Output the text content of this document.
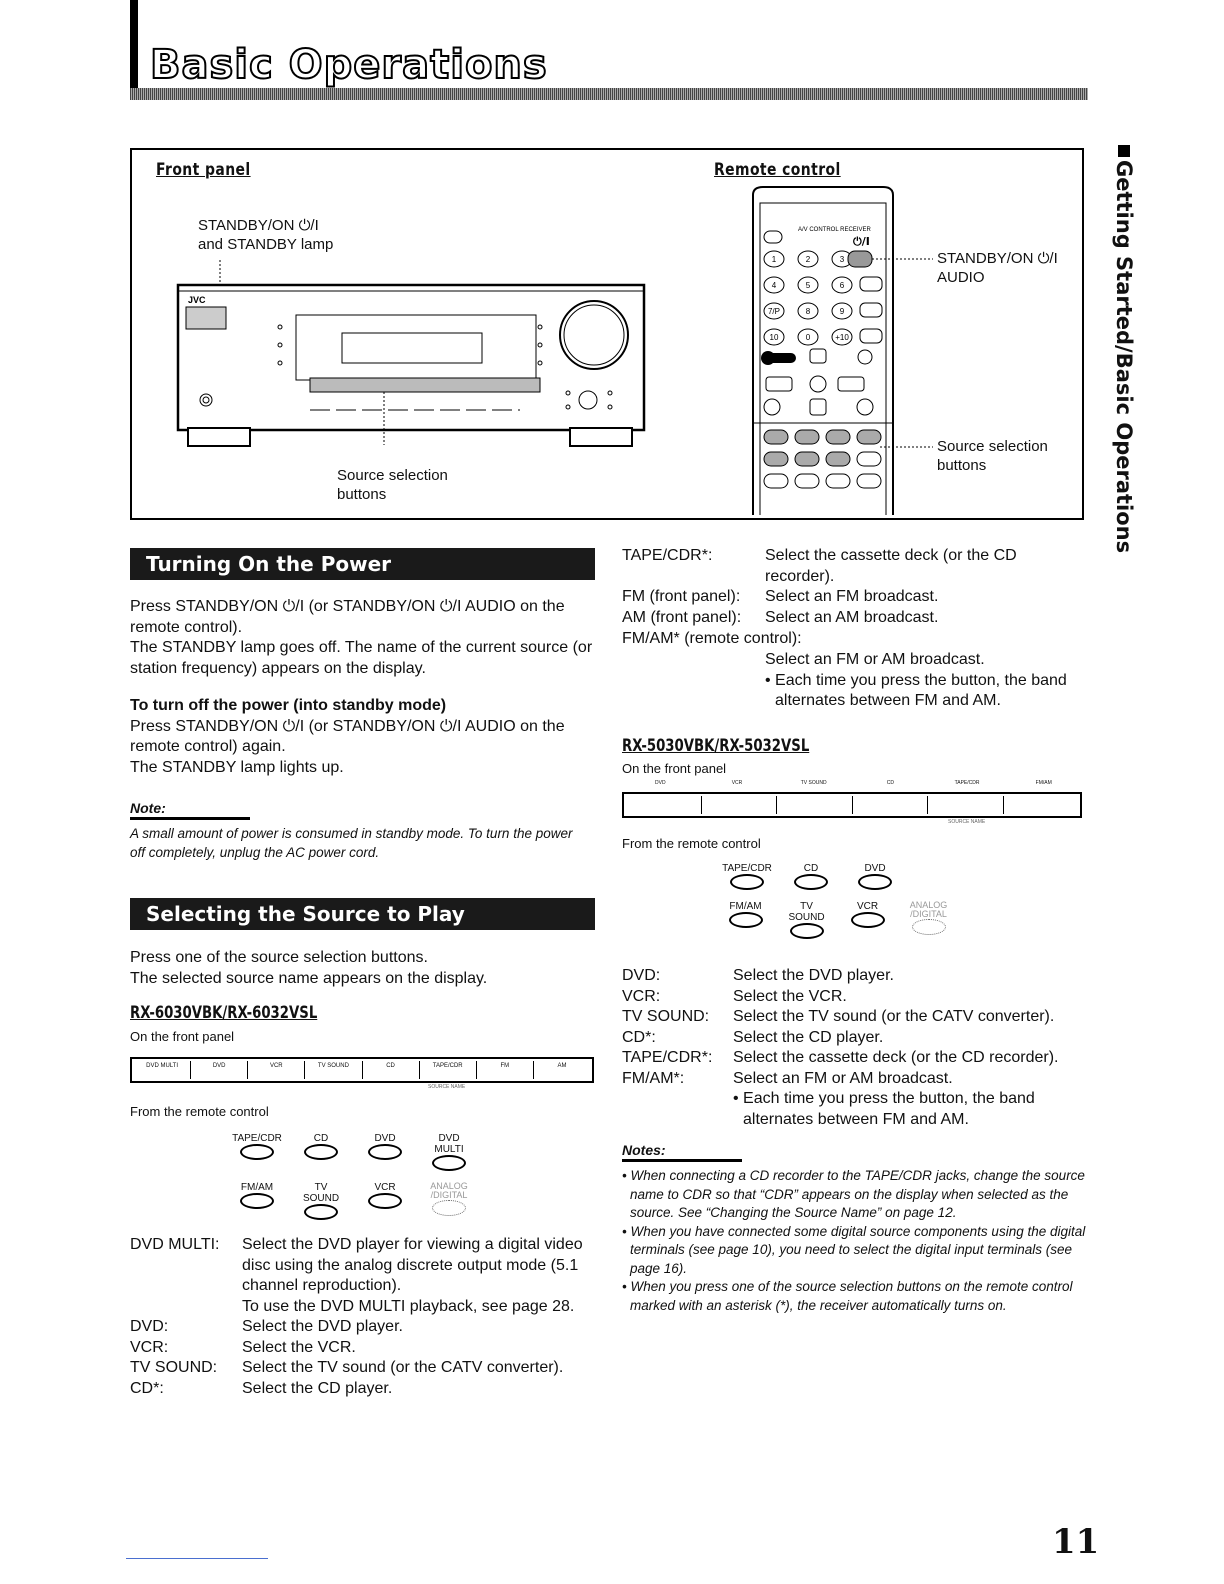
Basic Operations
Getting Started/Basic Operations
Front panel	Remote control
STANDBY/ON ⏻/I
and STANDBY lamp
Source selection
buttons
STANDBY/ON ⏻/I
AUDIO
Source selection
buttons
JVC
A/V CONTROL RECEIVER
⏻/I
1	2	3
4	5	6
7/P	8	9
10	0	+10
Turning On the Power
Press STANDBY/ON ⏻/I (or STANDBY/ON ⏻/I AUDIO on the remote control).
The STANDBY lamp goes off. The name of the current source (or station frequency) appears on the display.
To turn off the power (into standby mode)
Press STANDBY/ON ⏻/I (or STANDBY/ON ⏻/I AUDIO on the remote control) again.
The STANDBY lamp lights up.
Note:
A small amount of power is consumed in standby mode. To turn the power off completely, unplug the AC power cord.
Selecting the Source to Play
Press one of the source selection buttons.
The selected source name appears on the display.
RX-6030VBK/RX-6032VSL
On the front panel
DVD MULTI	DVD	VCR	TV SOUND	CD	TAPE/CDR	FM	AM
SOURCE NAME
From the remote control
TAPE/CDR	CD	DVD	DVD MULTI
FM/AM	TV SOUND
VCR	ANALOG /DIGITAL
DVD MULTI:	Select the DVD player for viewing a digital video disc using the analog discrete output mode (5.1 channel reproduction).
	To use the DVD MULTI playback, see page 28.
DVD:	Select the DVD player.
VCR:	Select the VCR.
TV SOUND:	Select the TV sound (or the CATV converter).
CD*:	Select the CD player.
TAPE/CDR*:	Select the cassette deck (or the CD recorder).
FM (front panel):	Select an FM broadcast.
AM (front panel):	Select an AM broadcast.
FM/AM* (remote control):
Select an FM or AM broadcast.
• Each time you press the button, the band alternates between FM and AM.
RX-5030VBK/RX-5032VSL
On the front panel
DVD	VCR	TV SOUND	CD	TAPE/CDR	FM/AM
SOURCE NAME
From the remote control
TAPE/CDR	CD	DVD
FM/AM	TV SOUND
VCR	ANALOG /DIGITAL
DVD:	Select the DVD player.
VCR:	Select the VCR.
TV SOUND:	Select the TV sound (or the CATV converter).
CD*:	Select the CD player.
TAPE/CDR*:	Select the cassette deck (or the CD recorder).
FM/AM*:	Select an FM or AM broadcast.
	• Each time you press the button, the band alternates between FM and AM.
Notes:
• When connecting a CD recorder to the TAPE/CDR jacks, change the source name to CDR so that “CDR” appears on the display when selected as the source. See “Changing the Source Name” on page 12.
• When you have connected some digital source components using the digital terminals (see page 10), you need to select the digital input terminals (see page 16).
• When you press one of the source selection buttons on the remote control marked with an asterisk (*), the receiver automatically turns on.
11
